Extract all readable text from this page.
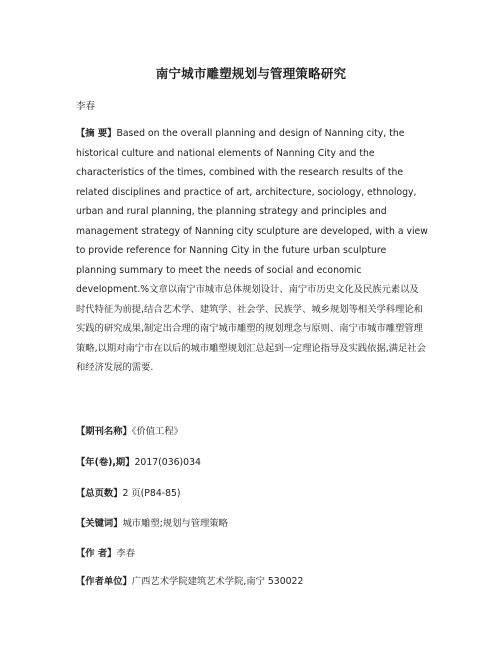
南宁城市雕塑规划与管理策略研究
李春
【摘 要】Based on the overall planning and design of Nanning city, the historical culture and national elements of Nanning City and the characteristics of the times, combined with the research results of the related disciplines and practice of art, architecture, sociology, ethnology, urban and rural planning, the planning strategy and principles and management strategy of Nanning city sculpture are developed, with a view to provide reference for Nanning City in the future urban sculpture planning summary to meet the needs of social and economic development.%文章以南宁市城市总体规划设计、南宁市历史文化及民族元素以及时代特征为前提,结合艺术学、建筑学、社会学、民族学、城乡规划等相关学科理论和实践的研究成果,制定出合理的南宁城市雕塑的规划理念与原则、南宁市城市雕塑管理策略,以期对南宁市在以后的城市雕塑规划汇总起到一定理论指导及实践依据,满足社会和经济发展的需要.
【期刊名称】《价值工程》
【年(卷),期】2017(036)034
【总页数】2 页(P84-85)
【关键词】城市雕塑;规划与管理策略
【作 者】李春
【作者单位】广西艺术学院建筑艺术学院,南宁 530022
